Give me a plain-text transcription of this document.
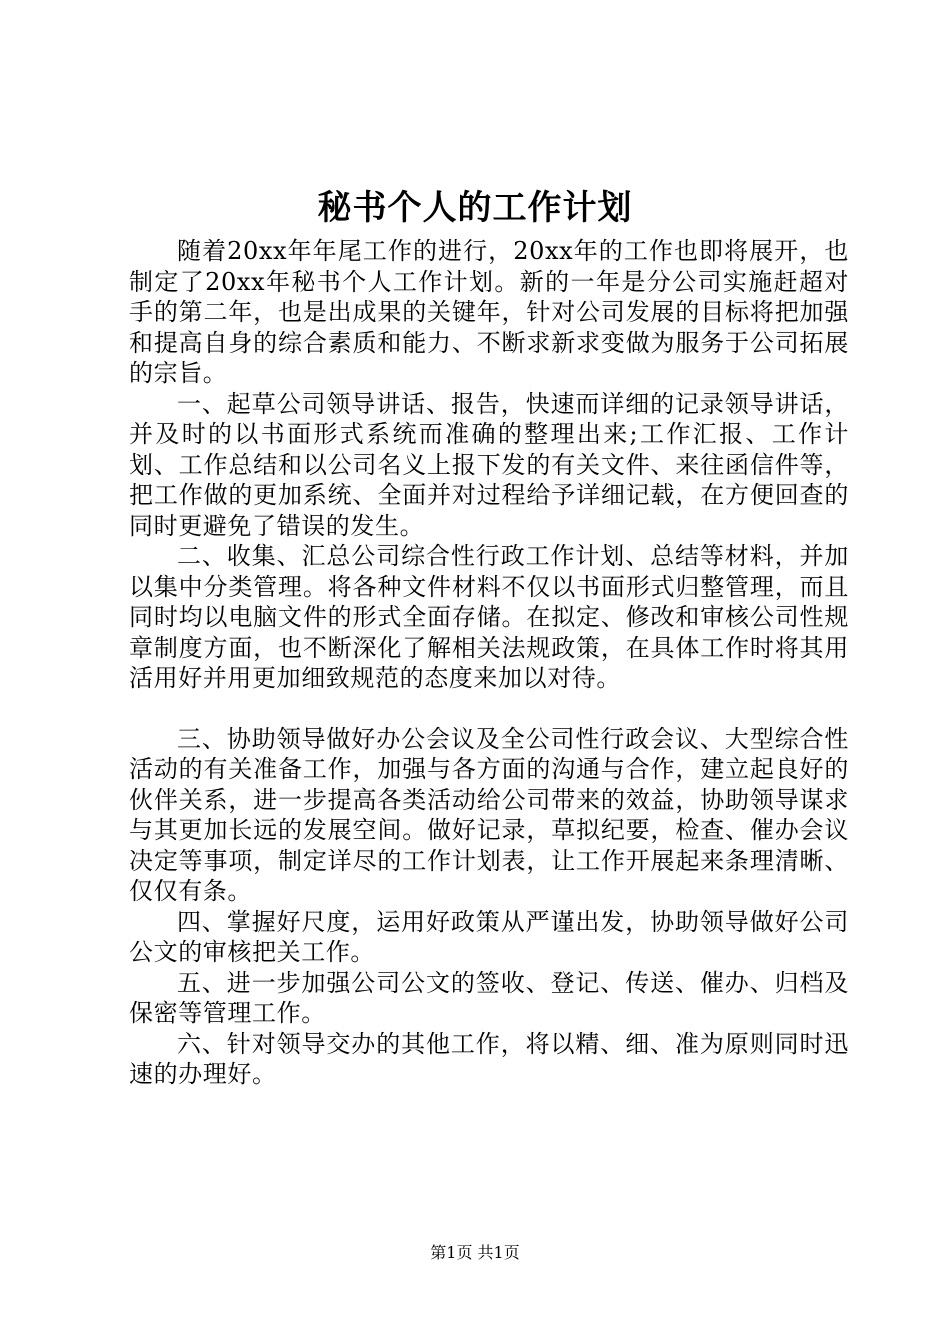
秘书个人的工作计划

随着20xx年年尾工作的进行，20xx年的工作也即将展开，也制定了20xx年秘书个人工作计划。新的一年是分公司实施赶超对手的第二年，也是出成果的关键年，针对公司发展的目标将把加强和提高自身的综合素质和能力、不断求新求变做为服务于公司拓展的宗旨。

一、起草公司领导讲话、报告，快速而详细的记录领导讲话，并及时的以书面形式系统而准确的整理出来;工作汇报、工作计划、工作总结和以公司名义上报下发的有关文件、来往函信件等，把工作做的更加系统、全面并对过程给予详细记载，在方便回查的同时更避免了错误的发生。

二、收集、汇总公司综合性行政工作计划、总结等材料，并加以集中分类管理。将各种文件材料不仅以书面形式归整管理，而且同时均以电脑文件的形式全面存储。在拟定、修改和审核公司性规章制度方面，也不断深化了解相关法规政策，在具体工作时将其用活用好并用更加细致规范的态度来加以对待。

三、协助领导做好办公会议及全公司性行政会议、大型综合性活动的有关准备工作，加强与各方面的沟通与合作，建立起良好的伙伴关系，进一步提高各类活动给公司带来的效益，协助领导谋求与其更加长远的发展空间。做好记录，草拟纪要，检查、催办会议决定等事项，制定详尽的工作计划表，让工作开展起来条理清晰、仅仅有条。

四、掌握好尺度，运用好政策从严谨出发，协助领导做好公司公文的审核把关工作。

五、进一步加强公司公文的签收、登记、传送、催办、归档及保密等管理工作。

六、针对领导交办的其他工作，将以精、细、准为原则同时迅速的办理好。

第1页 共1页
